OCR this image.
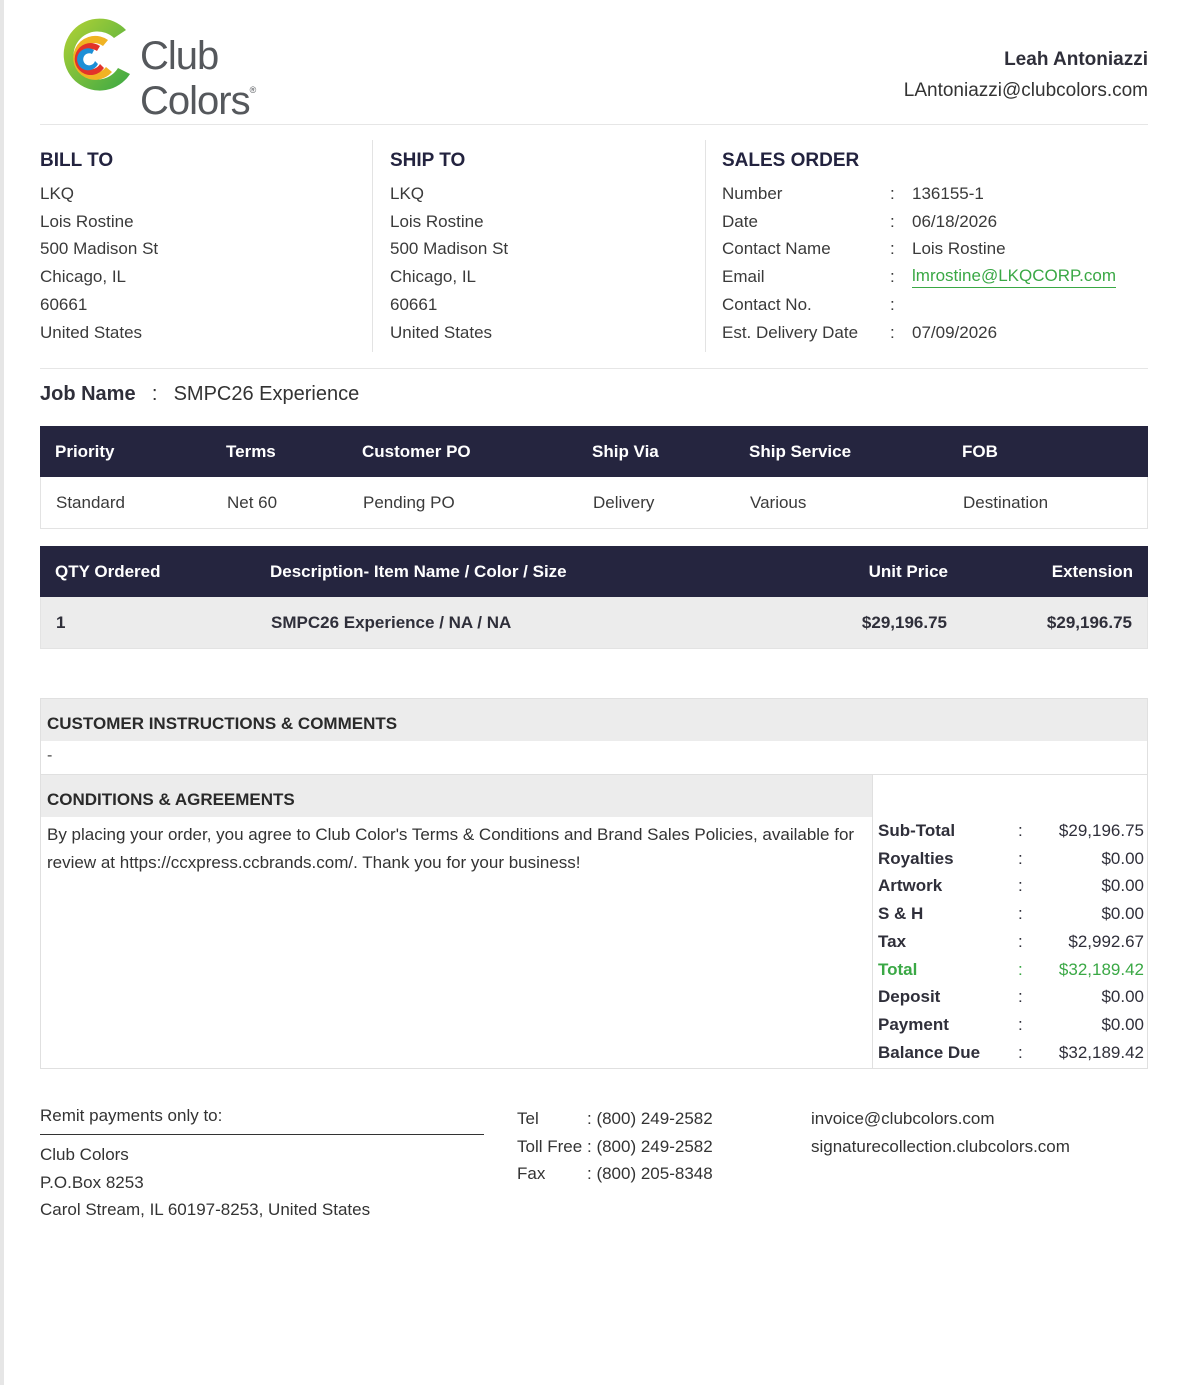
Club Colors®
Leah Antoniazzi
LAntoniazzi@clubcolors.com
BILL TO
LKQ
Lois Rostine
500 Madison St
Chicago, IL
60661
United States
SHIP TO
LKQ
Lois Rostine
500 Madison St
Chicago, IL
60661
United States
SALES ORDER
Number	:	136155-1
Date	:	06/18/2026
Contact Name	:	Lois Rostine
Email	:	lmrostine@LKQCORP.com
Contact No.	:
Est. Delivery Date	:	07/09/2026
Job Name : SMPC26 Experience
Priority	Terms	Customer PO	Ship Via	Ship Service	FOB
Standard	Net 60	Pending PO	Delivery	Various	Destination
QTY Ordered	Description- Item Name / Color / Size	Unit Price	Extension
1	SMPC26 Experience / NA / NA	$29,196.75	$29,196.75
CUSTOMER INSTRUCTIONS & COMMENTS
-
CONDITIONS & AGREEMENTS
By placing your order, you agree to Club Color's Terms & Conditions and Brand Sales Policies, available for review at https://ccxpress.ccbrands.com/. Thank you for your business!
Sub-Total	:	$29,196.75
Royalties	:	$0.00
Artwork	:	$0.00
S & H	:	$0.00
Tax	:	$2,992.67
Total	:	$32,189.42
Deposit	:	$0.00
Payment	:	$0.00
Balance Due	:	$32,189.42
Remit payments only to:
Club Colors
P.O.Box 8253
Carol Stream, IL 60197-8253, United States
Tel	: (800) 249-2582
Toll Free : (800) 249-2582
Fax	: (800) 205-8348
invoice@clubcolors.com
signaturecollection.clubcolors.com
